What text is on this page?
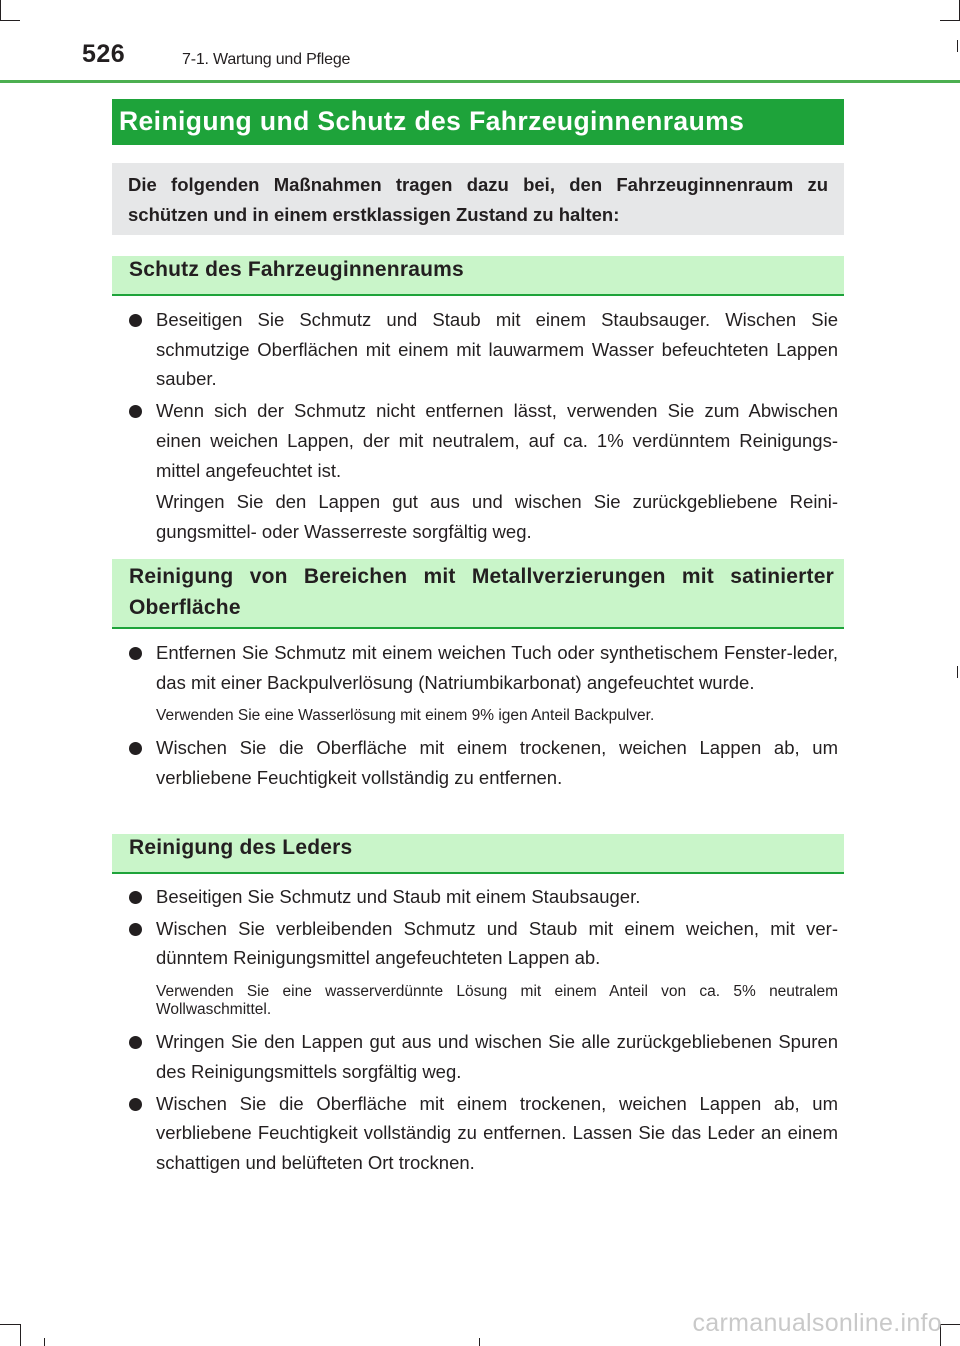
526	7-1. Wartung und Pflege
Reinigung und Schutz des Fahrzeuginnenraums
Die folgenden Maßnahmen tragen dazu bei, den Fahrzeuginnenraum zu schützen und in einem erstklassigen Zustand zu halten:
Schutz des Fahrzeuginnenraums
Beseitigen Sie Schmutz und Staub mit einem Staubsauger. Wischen Sie schmutzige Oberflächen mit einem mit lauwarmem Wasser befeuchteten Lappen sauber.
Wenn sich der Schmutz nicht entfernen lässt, verwenden Sie zum Abwischen einen weichen Lappen, der mit neutralem, auf ca. 1% verdünntem Reinigungs-mittel angefeuchtet ist.
Wringen Sie den Lappen gut aus und wischen Sie zurückgebliebene Reini-gungsmittel- oder Wasserreste sorgfältig weg.
Reinigung von Bereichen mit Metallverzierungen mit satinierter Oberfläche
Entfernen Sie Schmutz mit einem weichen Tuch oder synthetischem Fenster-leder, das mit einer Backpulverlösung (Natriumbikarbonat) angefeuchtet wurde.
Verwenden Sie eine Wasserlösung mit einem 9% igen Anteil Backpulver.
Wischen Sie die Oberfläche mit einem trockenen, weichen Lappen ab, um verbliebene Feuchtigkeit vollständig zu entfernen.
Reinigung des Leders
Beseitigen Sie Schmutz und Staub mit einem Staubsauger.
Wischen Sie verbleibenden Schmutz und Staub mit einem weichen, mit ver-dünntem Reinigungsmittel angefeuchteten Lappen ab.
Verwenden Sie eine wasserverdünnte Lösung mit einem Anteil von ca. 5% neutralem Wollwaschmittel.
Wringen Sie den Lappen gut aus und wischen Sie alle zurückgebliebenen Spuren des Reinigungsmittels sorgfältig weg.
Wischen Sie die Oberfläche mit einem trockenen, weichen Lappen ab, um verbliebene Feuchtigkeit vollständig zu entfernen. Lassen Sie das Leder an einem schattigen und belüfteten Ort trocknen.
carmanualsonline.info
